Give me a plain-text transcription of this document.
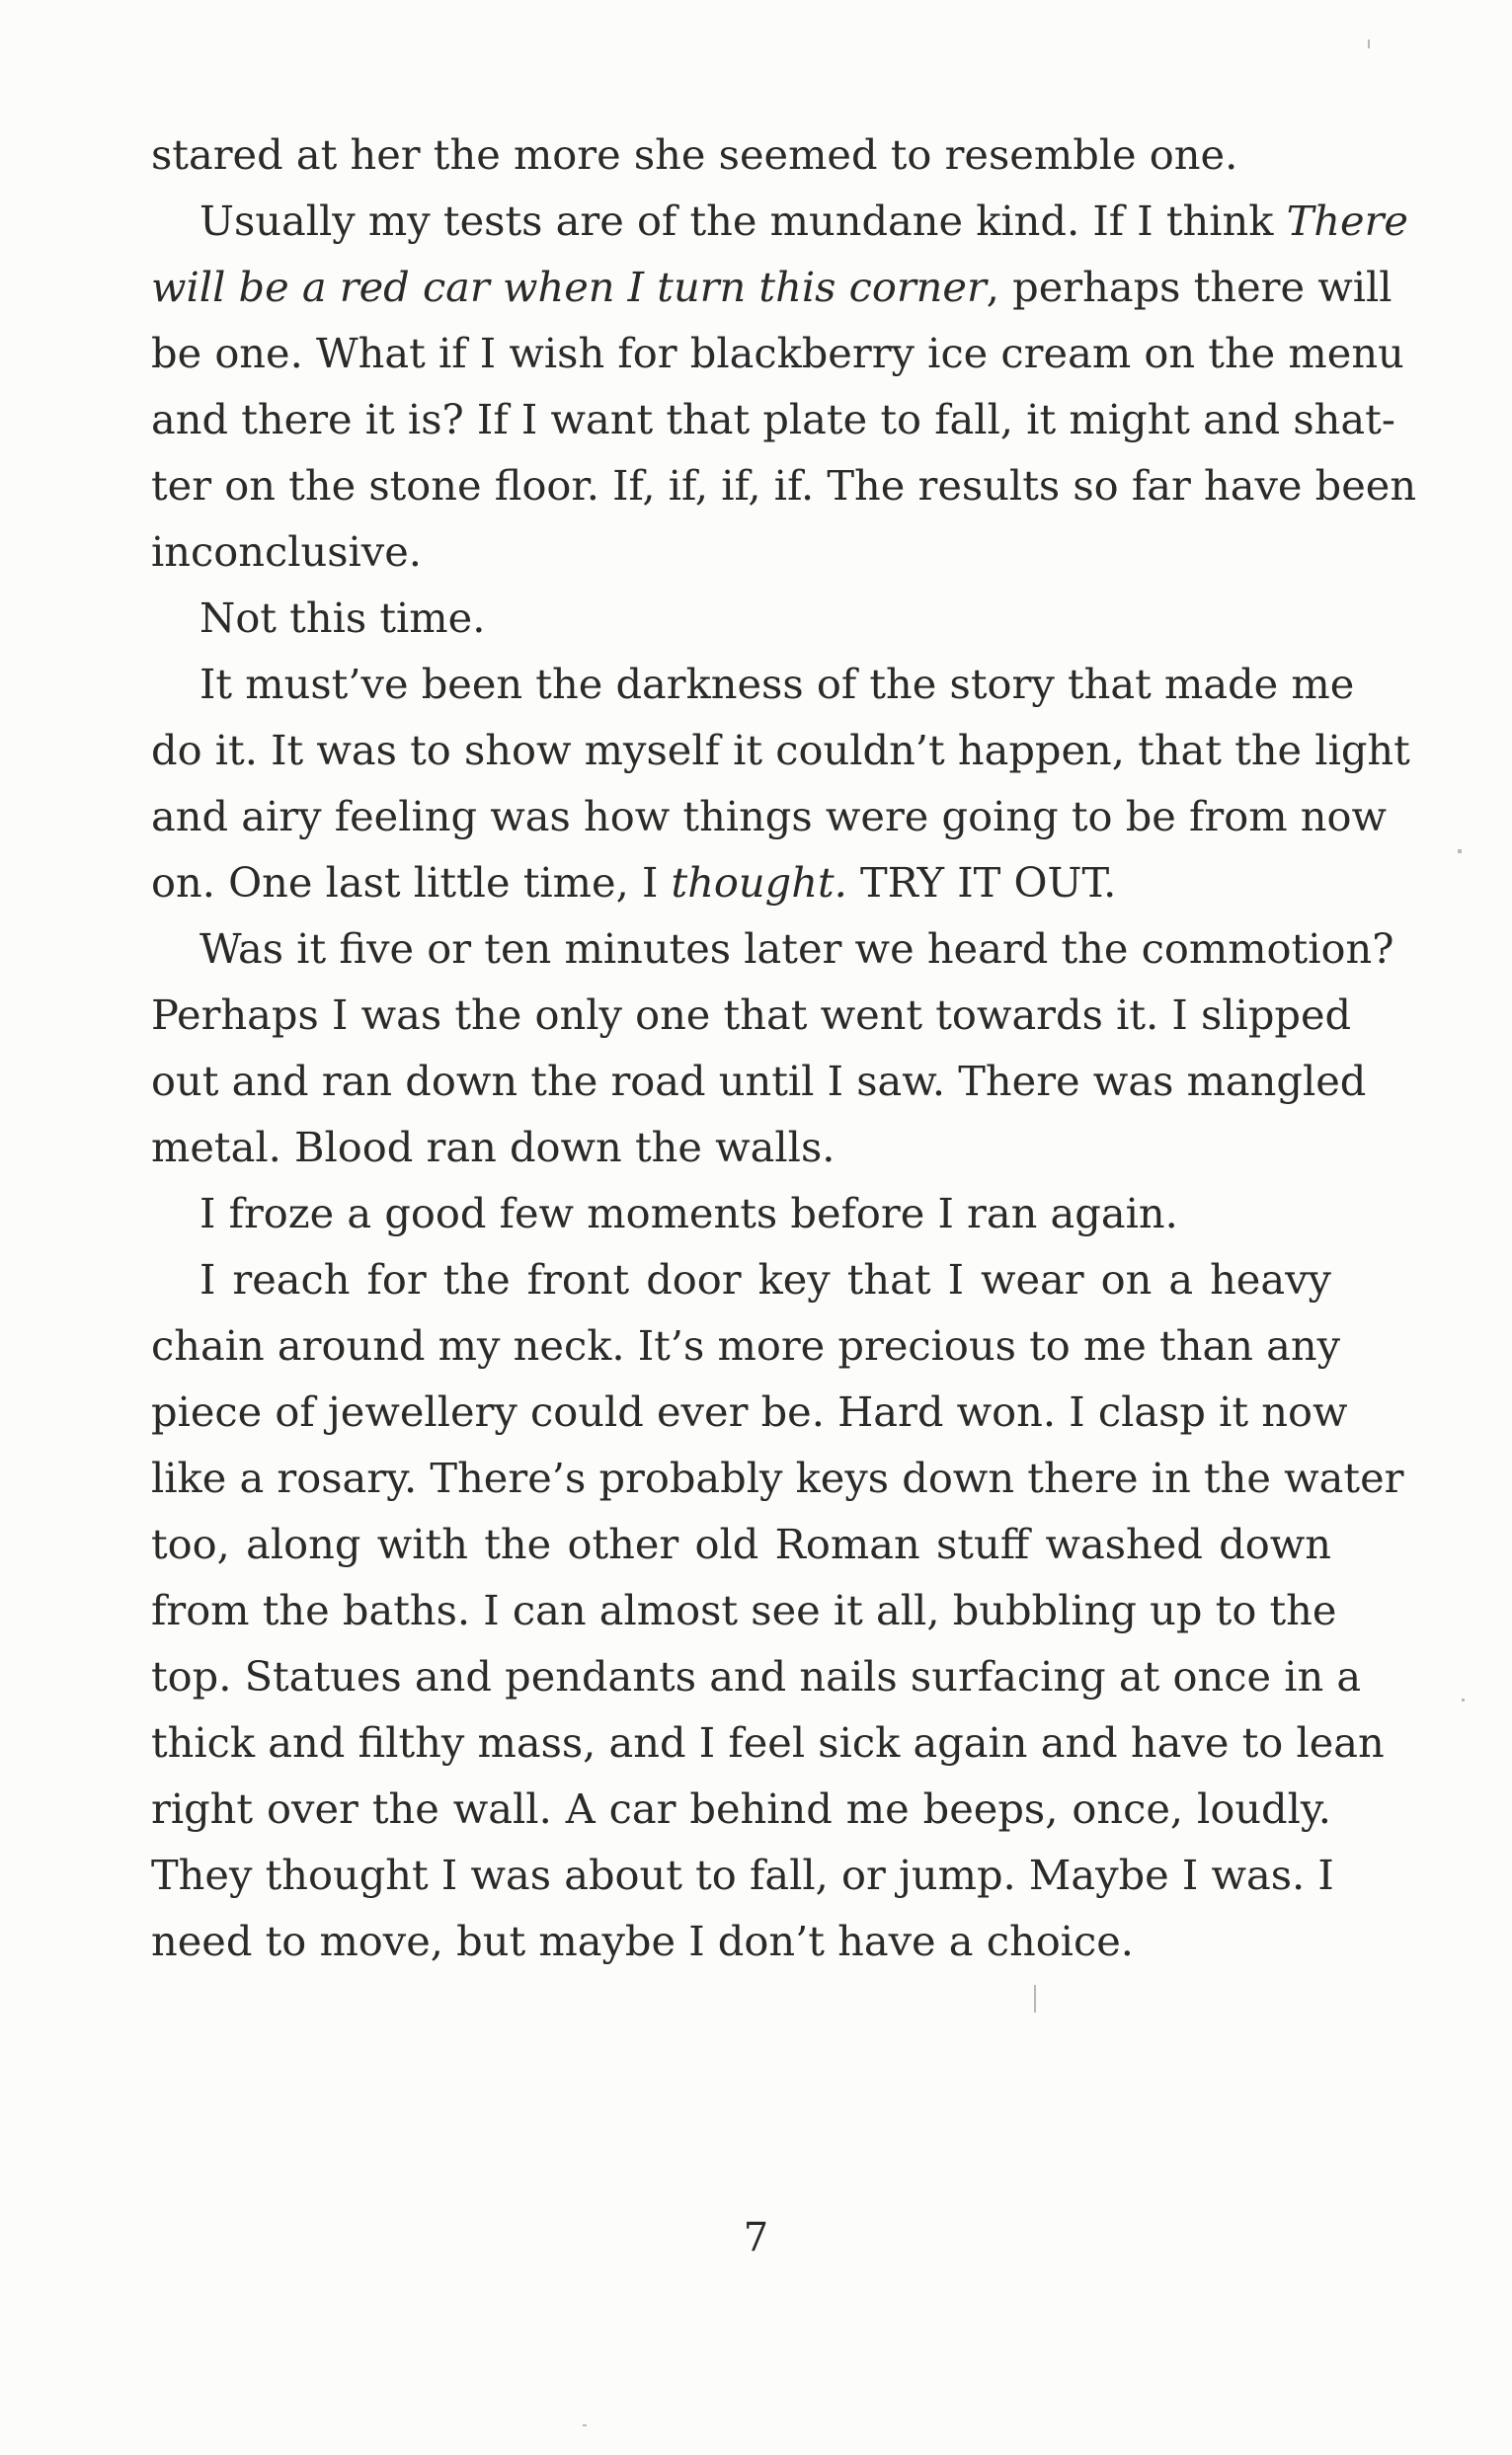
stared at her the more she seemed to resemble one.
Usually my tests are of the mundane kind. If I think There
will be a red car when I turn this corner, perhaps there will
be one. What if I wish for blackberry ice cream on the menu
and there it is? If I want that plate to fall, it might and shat-
ter on the stone floor. If, if, if, if. The results so far have been
inconclusive.
Not this time.
It must’ve been the darkness of the story that made me
do it. It was to show myself it couldn’t happen, that the light
and airy feeling was how things were going to be from now
on. One last little time, I thought. TRY IT OUT.
Was it five or ten minutes later we heard the commotion?
Perhaps I was the only one that went towards it. I slipped
out and ran down the road until I saw. There was mangled
metal. Blood ran down the walls.
I froze a good few moments before I ran again.
I reach for the front door key that I wear on a heavy
chain around my neck. It’s more precious to me than any
piece of jewellery could ever be. Hard won. I clasp it now
like a rosary. There’s probably keys down there in the water
too, along with the other old Roman stuff washed down
from the baths. I can almost see it all, bubbling up to the
top. Statues and pendants and nails surfacing at once in a
thick and filthy mass, and I feel sick again and have to lean
right over the wall. A car behind me beeps, once, loudly.
They thought I was about to fall, or jump. Maybe I was. I
need to move, but maybe I don’t have a choice.
7
